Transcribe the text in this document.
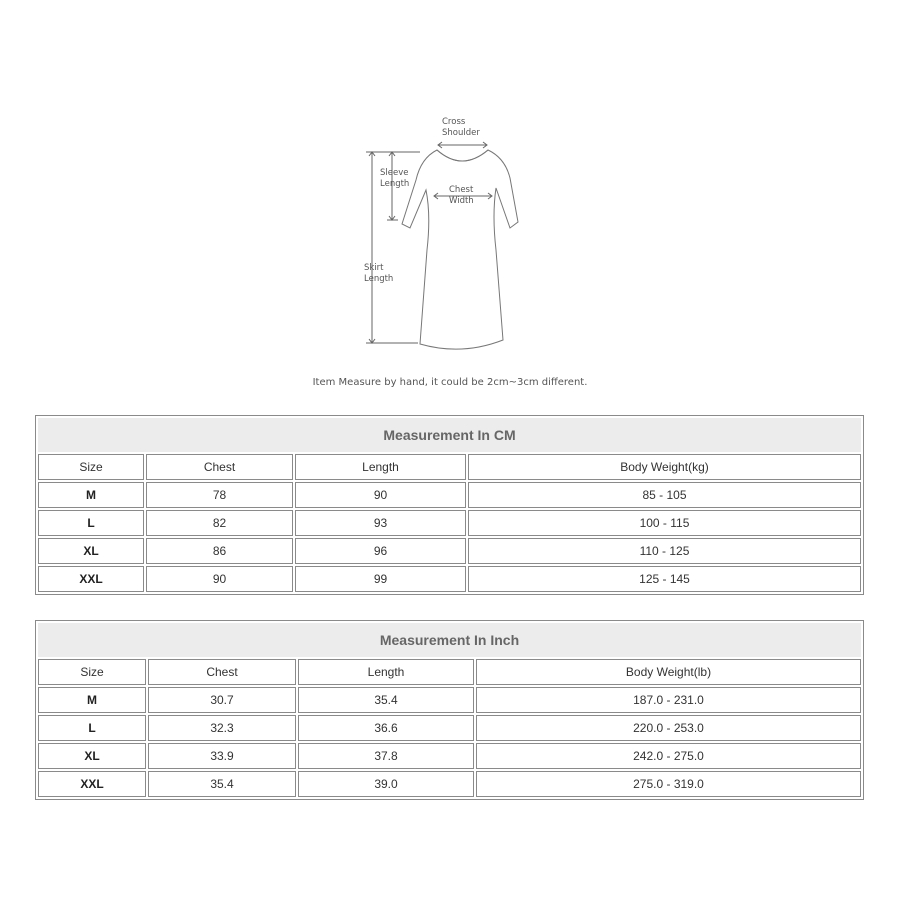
Cross
Shoulder
Chest
Width
Sleeve
Length
Skirt
Length
Item Measure by hand, it could be 2cm~3cm different.
Measurement In CM			
Size	Chest	Length	Body Weight(kg)
M	78	90	85 - 105
L	82	93	100 - 115
XL	86	96	110 - 125
XXL	90	99	125 - 145
Measurement In Inch			
Size	Chest	Length	Body Weight(lb)
M	30.7	35.4	187.0 - 231.0
L	32.3	36.6	220.0 - 253.0
XL	33.9	37.8	242.0 - 275.0
XXL	35.4	39.0	275.0 - 319.0
